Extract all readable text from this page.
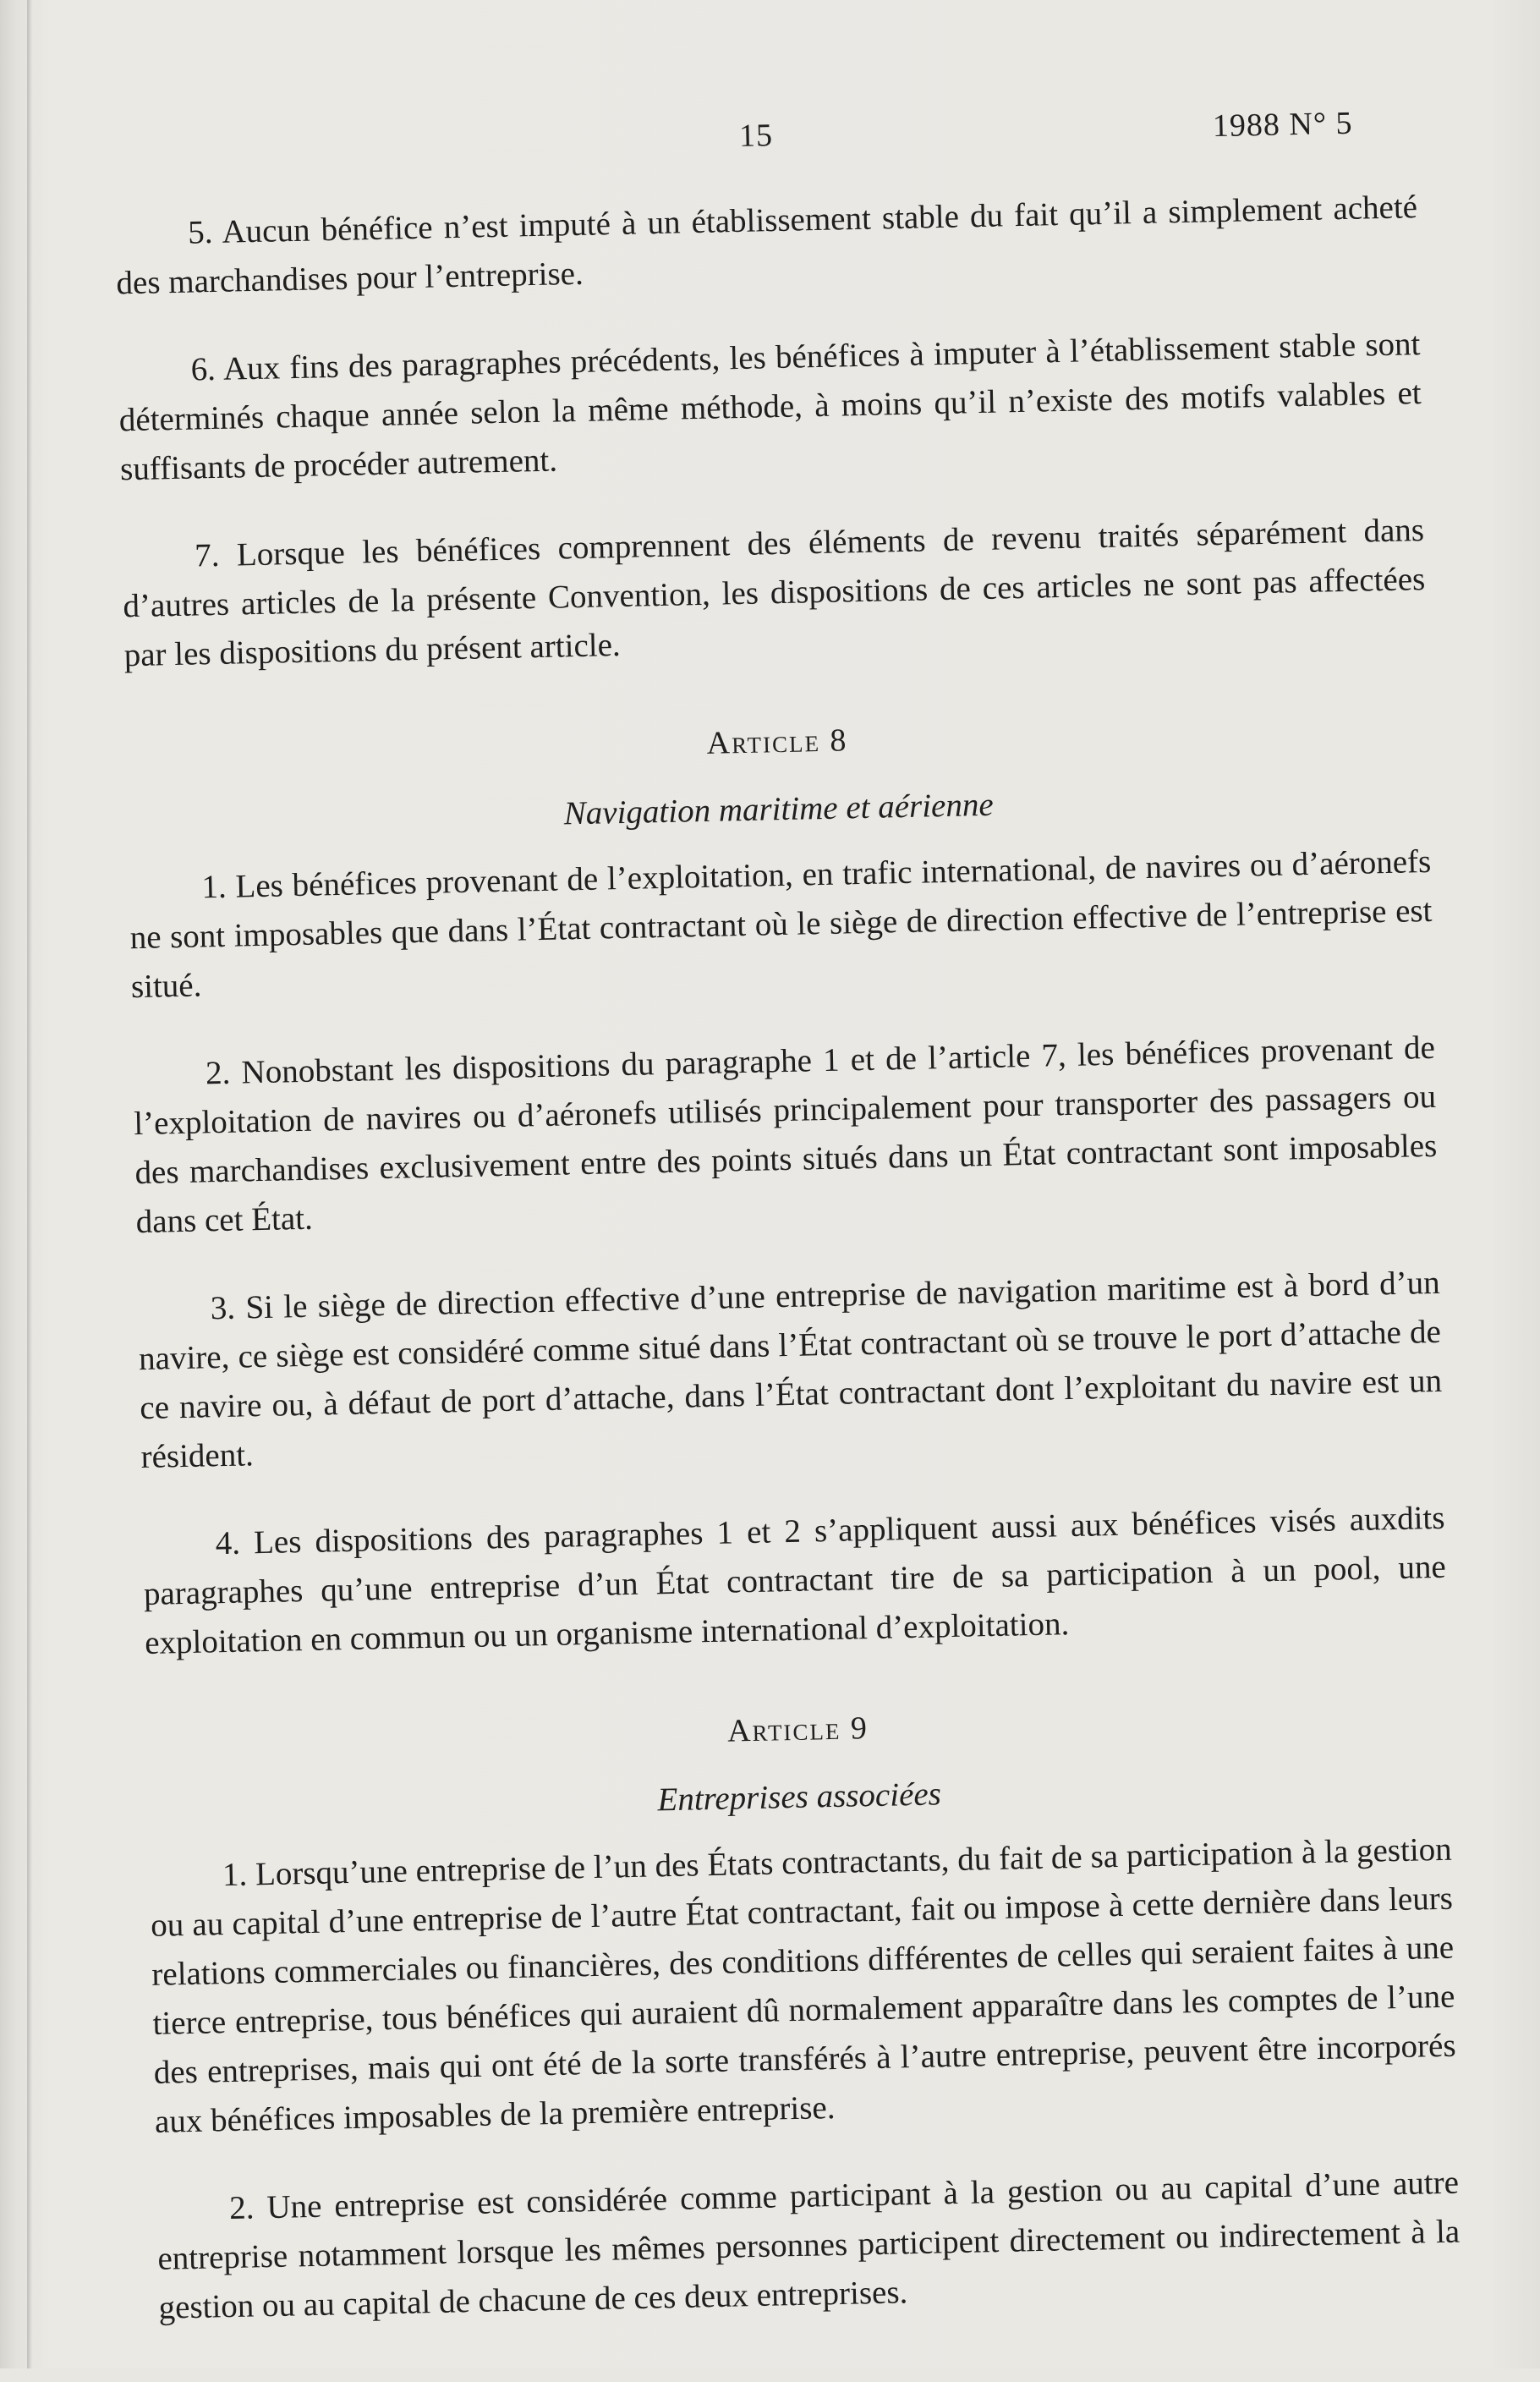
15	1988 N° 5

5. Aucun bénéfice n’est imputé à un établissement stable du fait qu’il a simplement acheté des marchandises pour l’entreprise.

6. Aux fins des paragraphes précédents, les bénéfices à imputer à l’établissement stable sont déterminés chaque année selon la même méthode, à moins qu’il n’existe des motifs valables et suffisants de procéder autrement.

7. Lorsque les bénéfices comprennent des éléments de revenu traités séparément dans d’autres articles de la présente Convention, les dispositions de ces articles ne sont pas affectées par les dispositions du présent article.

Article 8
Navigation maritime et aérienne

1. Les bénéfices provenant de l’exploitation, en trafic international, de navires ou d’aéronefs ne sont imposables que dans l’État contractant où le siège de direction effective de l’entreprise est situé.

2. Nonobstant les dispositions du paragraphe 1 et de l’article 7, les bénéfices provenant de l’exploitation de navires ou d’aéronefs utilisés principalement pour transporter des passagers ou des marchandises exclusivement entre des points situés dans un État contractant sont imposables dans cet État.

3. Si le siège de direction effective d’une entreprise de navigation maritime est à bord d’un navire, ce siège est considéré comme situé dans l’État contractant où se trouve le port d’attache de ce navire ou, à défaut de port d’attache, dans l’État contractant dont l’exploitant du navire est un résident.

4. Les dispositions des paragraphes 1 et 2 s’appliquent aussi aux bénéfices visés auxdits paragraphes qu’une entreprise d’un État contractant tire de sa participation à un pool, une exploitation en commun ou un organisme international d’exploitation.

Article 9
Entreprises associées

1. Lorsqu’une entreprise de l’un des États contractants, du fait de sa participation à la gestion ou au capital d’une entreprise de l’autre État contractant, fait ou impose à cette dernière dans leurs relations commerciales ou financières, des conditions différentes de celles qui seraient faites à une tierce entreprise, tous bénéfices qui auraient dû normalement apparaître dans les comptes de l’une des entreprises, mais qui ont été de la sorte transférés à l’autre entreprise, peuvent être incorporés aux bénéfices imposables de la première entreprise.

2. Une entreprise est considérée comme participant à la gestion ou au capital d’une autre entreprise notamment lorsque les mêmes personnes participent directement ou indirectement à la gestion ou au capital de chacune de ces deux entreprises.
